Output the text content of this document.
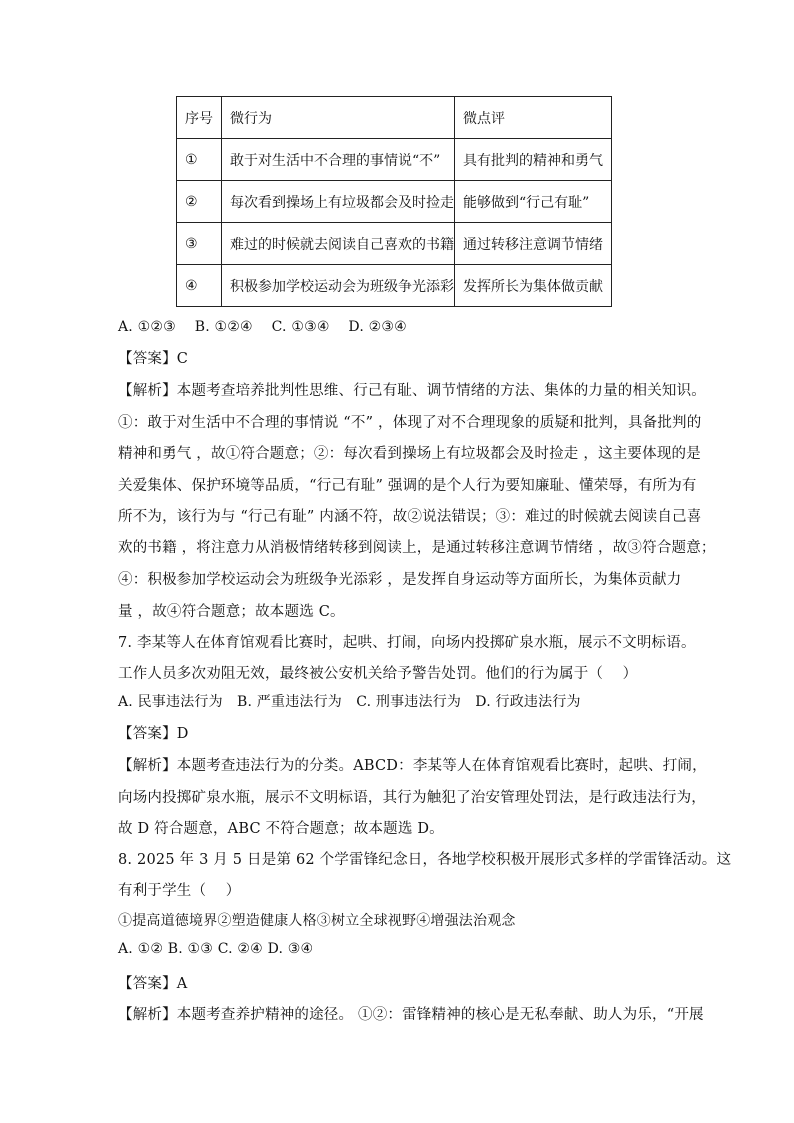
序号	微行为	微点评
①	敢于对生活中不合理的事情说“不”	具有批判的精神和勇气
②	每次看到操场上有垃圾都会及时捡走	能够做到“行己有耻”
③	难过的时候就去阅读自己喜欢的书籍	通过转移注意调节情绪
④	积极参加学校运动会为班级争光添彩	发挥所长为集体做贡献
A. ①②③　 B. ①②④　 C. ①③④　 D. ②③④
【答案】C
【解析】本题考查培养批判性思维、行己有耻、调节情绪的方法、集体的力量的相关知识。
①：敢于对生活中不合理的事情说 “不” ，体现了对不合理现象的质疑和批判，具备批判的
精神和勇气 ，故①符合题意；②：每次看到操场上有垃圾都会及时捡走 ，这主要体现的是
关爱集体、保护环境等品质，“行己有耻” 强调的是个人行为要知廉耻、懂荣辱，有所为有
所不为，该行为与 “行己有耻” 内涵不符，故②说法错误；③：难过的时候就去阅读自己喜
欢的书籍 ，将注意力从消极情绪转移到阅读上，是通过转移注意调节情绪 ，故③符合题意；
④：积极参加学校运动会为班级争光添彩 ，是发挥自身运动等方面所长，为集体贡献力
量 ，故④符合题意；故本题选 C。
7. 李某等人在体育馆观看比赛时，起哄、打闹，向场内投掷矿泉水瓶，展示不文明标语。
工作人员多次劝阻无效，最终被公安机关给予警告处罚。他们的行为属于（　 ）
A. 民事违法行为　B. 严重违法行为　C. 刑事违法行为　D. 行政违法行为
【答案】D
【解析】本题考查违法行为的分类。ABCD：李某等人在体育馆观看比赛时，起哄、打闹，
向场内投掷矿泉水瓶，展示不文明标语，其行为触犯了治安管理处罚法，是行政违法行为，
故 D 符合题意，ABC 不符合题意；故本题选 D。
8. 2025 年 3 月 5 日是第 62 个学雷锋纪念日，各地学校积极开展形式多样的学雷锋活动。这
有利于学生（　 ）
①提高道德境界②塑造健康人格③树立全球视野④增强法治观念
A. ①② B. ①③ C. ②④ D. ③④
【答案】A
【解析】本题考查养护精神的途径。 ①②：雷锋精神的核心是无私奉献、助人为乐，“开展
